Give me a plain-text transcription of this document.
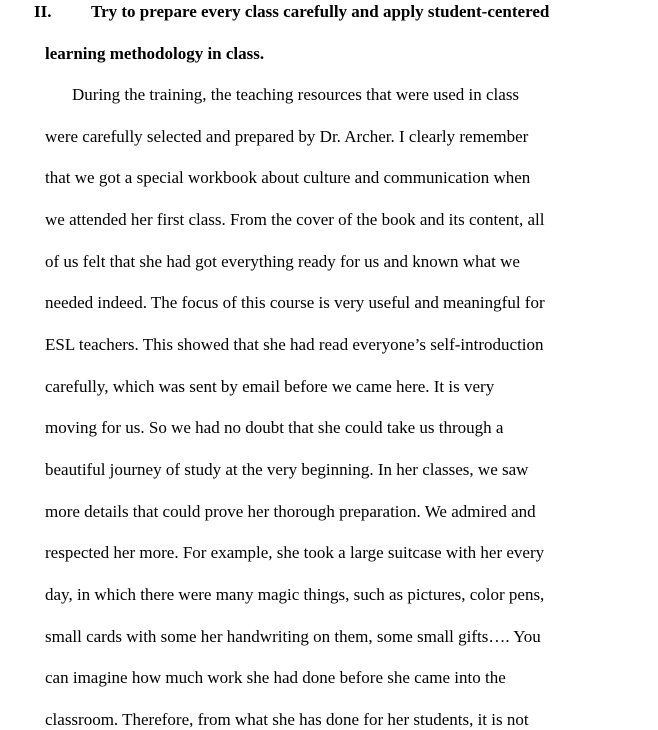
II. Try to prepare every class carefully and apply student-centered
learning methodology in class.
During the training, the teaching resources that were used in class
were carefully selected and prepared by Dr. Archer. I clearly remember
that we got a special workbook about culture and communication when
we attended her first class. From the cover of the book and its content, all
of us felt that she had got everything ready for us and known what we
needed indeed. The focus of this course is very useful and meaningful for
ESL teachers. This showed that she had read everyone’s self-introduction
carefully, which was sent by email before we came here. It is very
moving for us. So we had no doubt that she could take us through a
beautiful journey of study at the very beginning. In her classes, we saw
more details that could prove her thorough preparation. We admired and
respected her more. For example, she took a large suitcase with her every
day, in which there were many magic things, such as pictures, color pens,
small cards with some her handwriting on them, some small gifts…. You
can imagine how much work she had done before she came into the
classroom. Therefore, from what she has done for her students, it is not
